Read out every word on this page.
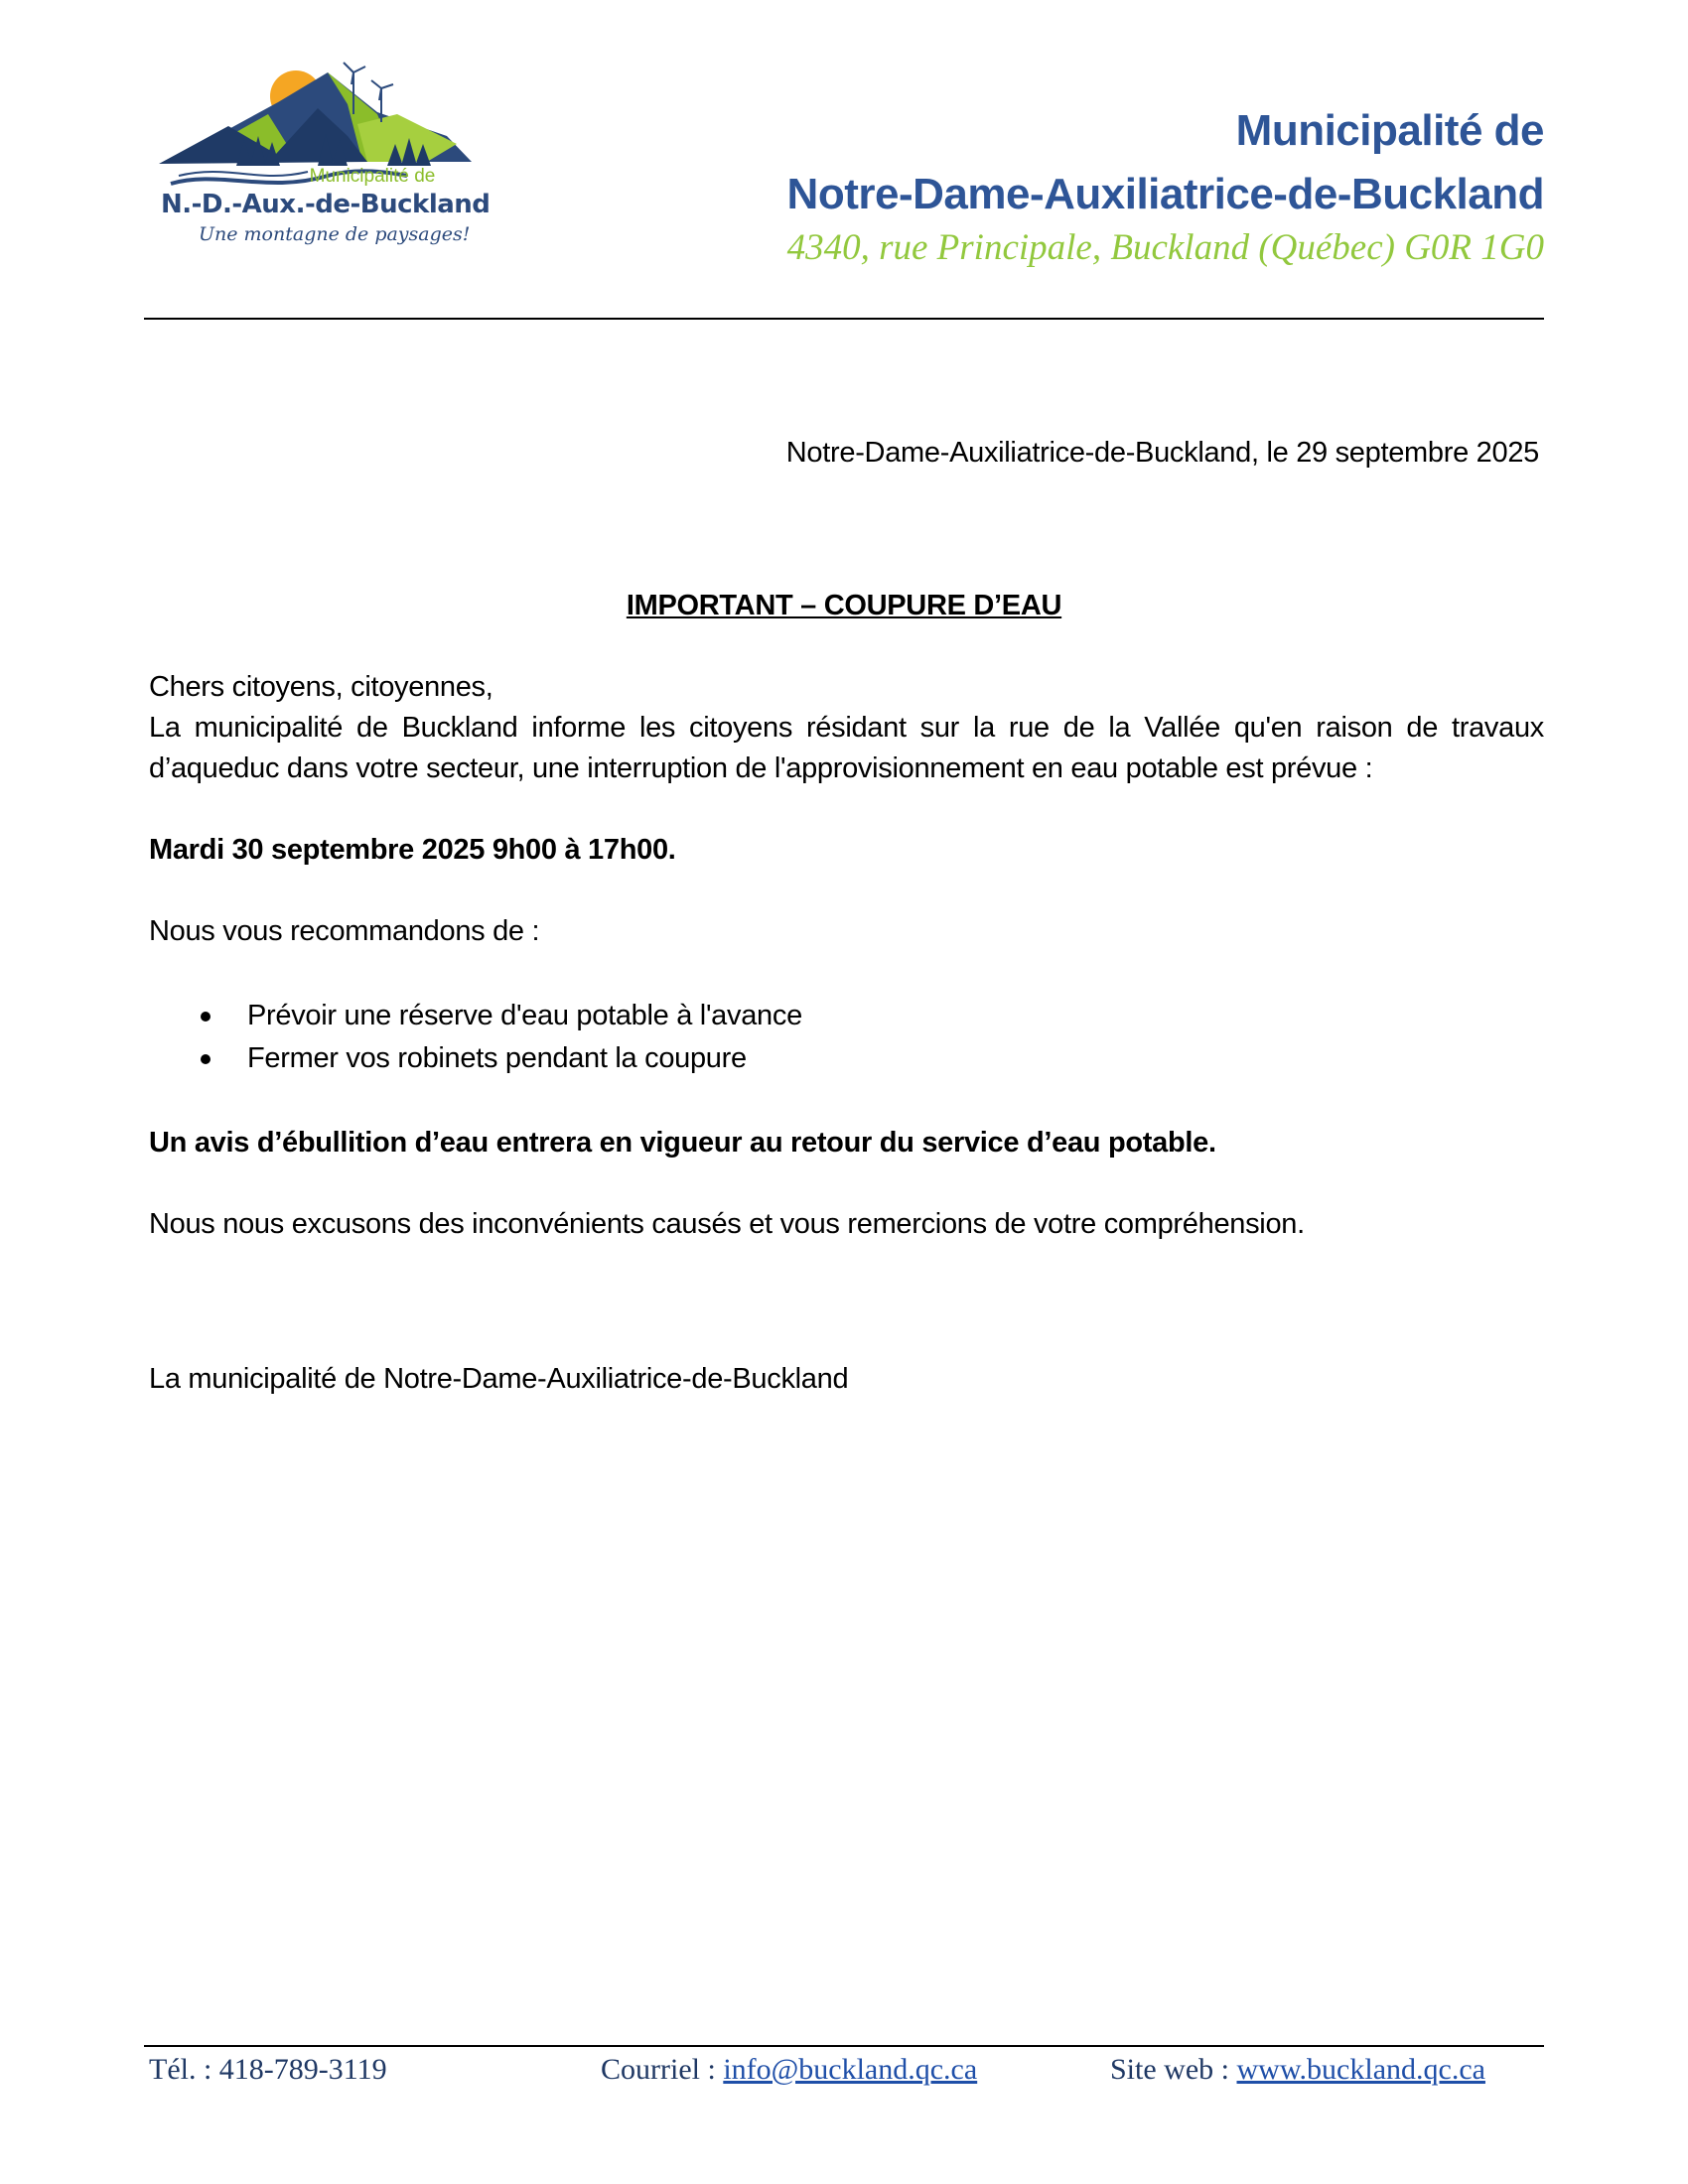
Municipalité de
N.-D.-Aux.-de-Buckland
Une montagne de paysages!
Municipalité de
Notre-Dame-Auxiliatrice-de-Buckland
4340, rue Principale, Buckland (Québec) G0R 1G0
Notre-Dame-Auxiliatrice-de-Buckland, le 29 septembre 2025
IMPORTANT – COUPURE D’EAU
Chers citoyens, citoyennes,
La municipalité de Buckland informe les citoyens résidant sur la rue de la Vallée qu'en raison de travaux d’aqueduc dans votre secteur, une interruption de l'approvisionnement en eau potable est prévue :
Mardi 30 septembre 2025 9h00 à 17h00.
Nous vous recommandons de :
Prévoir une réserve d'eau potable à l'avance
Fermer vos robinets pendant la coupure
Un avis d’ébullition d’eau entrera en vigueur au retour du service d’eau potable.
Nous nous excusons des inconvénients causés et vous remercions de votre compréhension.
La municipalité de Notre-Dame-Auxiliatrice-de-Buckland
Tél. : 418-789-3119	Courriel : info@buckland.qc.ca	Site web : www.buckland.qc.ca
